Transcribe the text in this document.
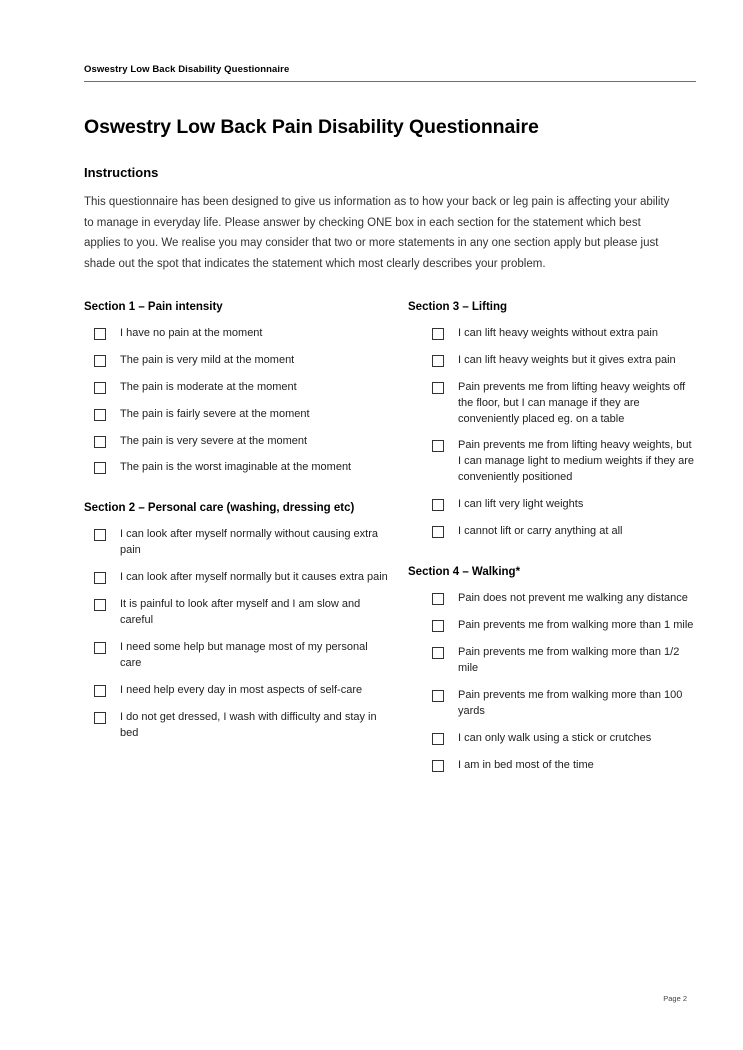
Oswestry Low Back Disability Questionnaire
Oswestry Low Back Pain Disability Questionnaire
Instructions
This questionnaire has been designed to give us information as to how your back or leg pain is affecting your ability to manage in everyday life. Please answer by checking ONE box in each section for the statement which best applies to you. We realise you may consider that two or more statements in any one section apply but please just shade out the spot that indicates the statement which most clearly describes your problem.
Section 1 – Pain intensity
I have no pain at the moment
The pain is very mild at the moment
The pain is moderate at the moment
The pain is fairly severe at the moment
The pain is very severe at the moment
The pain is the worst imaginable at the moment
Section 2 – Personal care (washing, dressing etc)
I can look after myself normally without causing extra pain
I can look after myself normally but it causes extra pain
It is painful to look after myself and I am slow and careful
I need some help but manage most of my personal care
I need help every day in most aspects of self-care
I do not get dressed, I wash with difficulty and stay in bed
Section 3 – Lifting
I can lift heavy weights without extra pain
I can lift heavy weights but it gives extra pain
Pain prevents me from lifting heavy weights off the floor, but I can manage if they are conveniently placed eg. on a table
Pain prevents me from lifting heavy weights, but I can manage light to medium weights if they are conveniently positioned
I can lift very light weights
I cannot lift or carry anything at all
Section 4 – Walking*
Pain does not prevent me walking any distance
Pain prevents me from walking more than 1 mile
Pain prevents me from walking more than 1/2 mile
Pain prevents me from walking more than 100 yards
I can only walk using a stick or crutches
I am in bed most of the time
Page 2
